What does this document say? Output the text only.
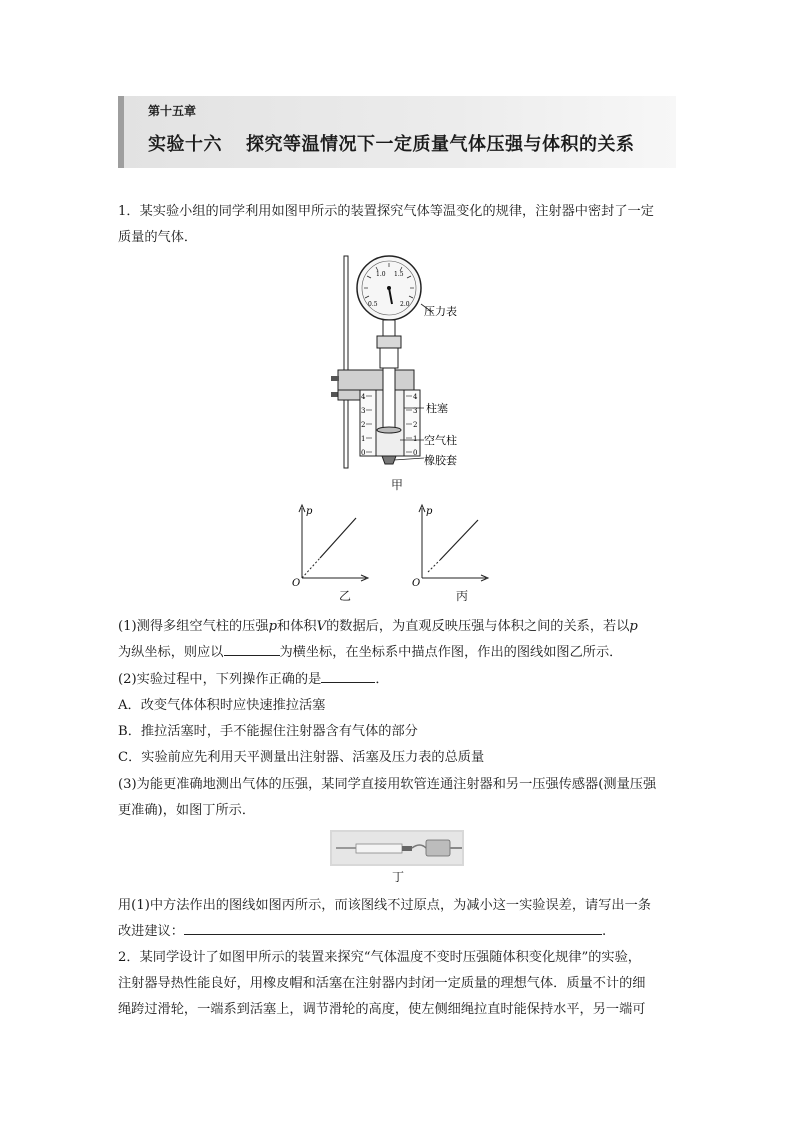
第十五章
实验十六 探究等温情况下一定质量气体压强与体积的关系
1．某实验小组的同学利用如图甲所示的装置探究气体等温变化的规律，注射器中密封了一定
质量的气体．
0.5
1.0 1.5
2.0
压力表
4
3
2
1
0
4
3
2
1
0
柱塞
空气柱
橡胶套
甲
p
O
乙
p
O
丙
(1)测得多组空气柱的压强p和体积V的数据后，为直观反映压强与体积之间的关系，若以p
为纵坐标，则应以	为横坐标，在坐标系中描点作图，作出的图线如图乙所示．
(2)实验过程中，下列操作正确的是	．
A．改变气体体积时应快速推拉活塞
B．推拉活塞时，手不能握住注射器含有气体的部分
C．实验前应先利用天平测量出注射器、活塞及压力表的总质量
(3)为能更准确地测出气体的压强，某同学直接用软管连通注射器和另一压强传感器(测量压强
更准确)，如图丁所示．
丁
用(1)中方法作出的图线如图丙所示，而该图线不过原点，为减小这一实验误差，请写出一条
改进建议：	.
2．某同学设计了如图甲所示的装置来探究“气体温度不变时压强随体积变化规律”的实验，
注射器导热性能良好，用橡皮帽和活塞在注射器内封闭一定质量的理想气体．质量不计的细
绳跨过滑轮，一端系到活塞上，调节滑轮的高度，使左侧细绳拉直时能保持水平，另一端可
